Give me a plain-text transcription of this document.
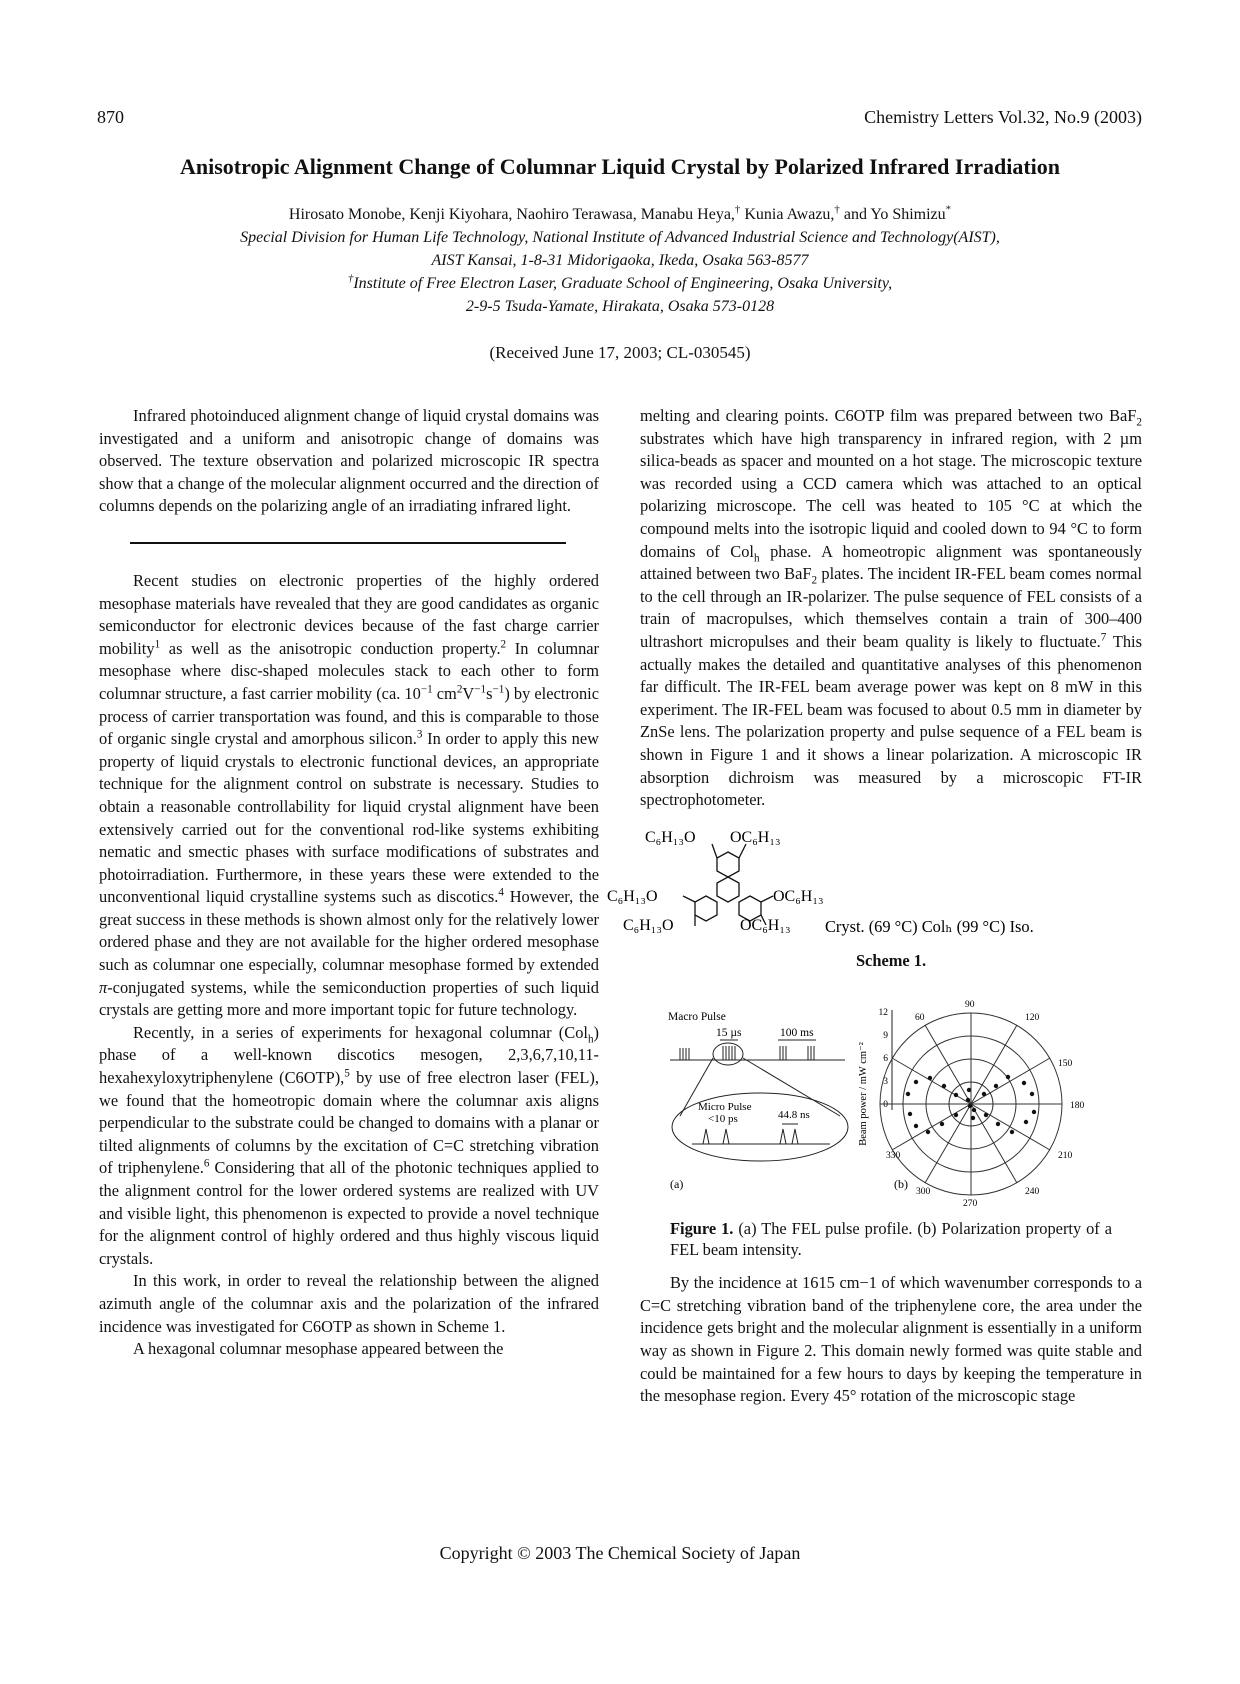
870	Chemistry Letters Vol.32, No.9 (2003)
Anisotropic Alignment Change of Columnar Liquid Crystal by Polarized Infrared Irradiation
Hirosato Monobe, Kenji Kiyohara, Naohiro Terawasa, Manabu Heya,† Kunia Awazu,† and Yo Shimizu*
Special Division for Human Life Technology, National Institute of Advanced Industrial Science and Technology(AIST),
AIST Kansai, 1-8-31 Midorigaoka, Ikeda, Osaka 563-8577
†Institute of Free Electron Laser, Graduate School of Engineering, Osaka University,
2-9-5 Tsuda-Yamate, Hirakata, Osaka 573-0128
(Received June 17, 2003; CL-030545)

Infrared photoinduced alignment change of liquid crystal domains was investigated and a uniform and anisotropic change of domains was observed. The texture observation and polarized microscopic IR spectra show that a change of the molecular alignment occurred and the direction of columns depends on the polarizing angle of an irradiating infrared light.

Recent studies on electronic properties of the highly ordered mesophase materials have revealed that they are good candidates as organic semiconductor for electronic devices because of the fast charge carrier mobility$^1$ as well as the anisotropic conduction property.$^2$ In columnar mesophase where disc-shaped molecules stack to each other to form columnar structure, a fast carrier mobility (ca. $10^{-1}$ $cm^2V^{-1}s^{-1}$) by electronic process of carrier transportation was found, and this is comparable to those of organic single crystal and amorphous silicon.$^3$ In order to apply this new property of liquid crystals to electronic functional devices, an appropriate technique for the alignment control on substrate is necessary. Studies to obtain a reasonable controllability for liquid crystal alignment have been extensively carried out for the conventional rod-like systems exhibiting nematic and smectic phases with surface modifications of substrates and photoirradiation. Furthermore, in these years these were extended to the unconventional liquid crystalline systems such as discotics.$^4$ However, the great success in these methods is shown almost only for the relatively lower ordered phase and they are not available for the higher ordered mesophase such as columnar one especially, columnar mesophase formed by extended π-conjugated systems, while the semiconduction properties of such liquid crystals are getting more and more important topic for future technology.

Recently, in a series of experiments for hexagonal columnar (Col$_h$) phase of a well-known discotics mesogen, 2,3,6,7,10,11-hexahexyloxytriphenylene (C6OTP),$^5$ by use of free electron laser (FEL), we found that the homeotropic domain where the columnar axis aligns perpendicular to the substrate could be changed to domains with a planar or tilted alignments of columns by the excitation of C=C stretching vibration of triphenylene.$^6$ Considering that all of the photonic techniques applied to the alignment control for the lower ordered systems are realized with UV and visible light, this phenomenon is expected to provide a novel technique for the alignment control of highly ordered and thus highly viscous liquid crystals.

In this work, in order to reveal the relationship between the aligned azimuth angle of the columnar axis and the polarization of the infrared incidence was investigated for C6OTP as shown in Scheme 1.

A hexagonal columnar mesophase appeared between the

melting and clearing points. C6OTP film was prepared between two BaF$_2$ substrates which have high transparency in infrared region, with 2 µm silica-beads as spacer and mounted on a hot stage. The microscopic texture was recorded using a CCD camera which was attached to an optical polarizing microscope. The cell was heated to 105 °C at which the compound melts into the isotropic liquid and cooled down to 94 °C to form domains of Col$_h$ phase. A homeotropic alignment was spontaneously attained between two BaF$_2$ plates. The incident IR-FEL beam comes normal to the cell through an IR-polarizer. The pulse sequence of FEL consists of a train of macropulses, which themselves contain a train of 300–400 ultrashort micropulses and their beam quality is likely to fluctuate.$^7$ This actually makes the detailed and quantitative analyses of this phenomenon far difficult. The IR-FEL beam average power was kept on 8 mW in this experiment. The IR-FEL beam was focused to about 0.5 mm in diameter by ZnSe lens. The polarization property and pulse sequence of a FEL beam is shown in Figure 1 and it shows a linear polarization. A microscopic IR absorption dichroism was measured by a microscopic FT-IR spectrophotometer.

C₆H₁₃O OC₆H₁₃
C₆H₁₃O	OC₆H₁₃
C₆H₁₃O	OC₆H₁₃ Cryst. (69 °C) Colₕ (99 °C) Iso.
Scheme 1.
Macro Pulse
15 µs	100 ms
Micro Pulse
<10 ps	44.8 ns
(a)
Beam power / mW cm⁻²
12
9
6
3
0
90
120
150
180
210
240
270
300
330
60
(b)
Figure 1. (a) The FEL pulse profile. (b) Polarization property of a FEL beam intensity.

By the incidence at 1615 cm−1 of which wavenumber corresponds to a C=C stretching vibration band of the triphenylene core, the area under the incidence gets bright and the molecular alignment is essentially in a uniform way as shown in Figure 2. This domain newly formed was quite stable and could be maintained for a few hours to days by keeping the temperature in the mesophase region. Every 45° rotation of the microscopic stage

Copyright © 2003 The Chemical Society of Japan
